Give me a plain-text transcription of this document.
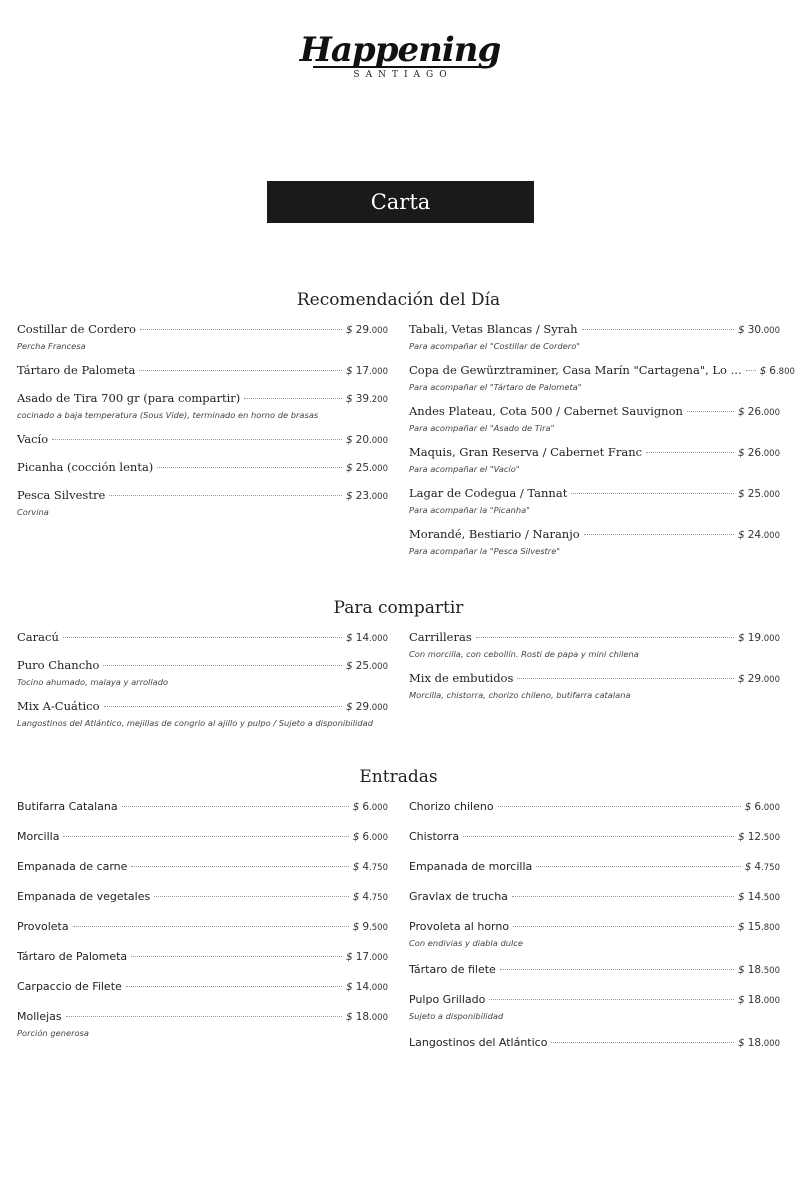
Happening
SANTIAGO
Carta
Recomendación del Día
Costillar de Cordero	$ 29.000
Percha Francesa
Tártaro de Palometa	$ 17.000
Asado de Tira 700 gr (para compartir)	$ 39.200
cocinado a baja temperatura (Sous Vide), terminado en horno de brasas
Vacío	$ 20.000
Picanha (cocción lenta)	$ 25.000
Pesca Silvestre	$ 23.000
Corvina
Tabali, Vetas Blancas / Syrah	$ 30.000
Para acompañar el "Costillar de Cordero"
Copa de Gewürztraminer, Casa Marín "Cartagena", Lo ... $ 6.800
Para acompañar el "Tártaro de Palometa"
Andes Plateau, Cota 500 / Cabernet Sauvignon	$ 26.000
Para acompañar el "Asado de Tira"
Maquis, Gran Reserva / Cabernet Franc	$ 26.000
Para acompañar el "Vacío"
Lagar de Codegua / Tannat	$ 25.000
Para acompañar la "Picanha"
Morandé, Bestiario / Naranjo	$ 24.000
Para acompañar la "Pesca Silvestre"
Para compartir
Caracú	$ 14.000
Puro Chancho	$ 25.000
Tocino ahumado, malaya y arrollado
Mix A-Cuático	$ 29.000
Langostinos del Atlántico, mejillas de congrio al ajillo y pulpo / Sujeto a disponibilidad
Carrilleras	$ 19.000
Con morcilla, con cebollín. Rosti de papa y mini chilena
Mix de embutidos	$ 29.000
Morcilla, chistorra, chorizo chileno, butifarra catalana
Entradas
Butifarra Catalana	$ 6.000
Morcilla	$ 6.000
Empanada de carne	$ 4.750
Empanada de vegetales	$ 4.750
Provoleta	$ 9.500
Tártaro de Palometa	$ 17.000
Carpaccio de Filete	$ 14.000
Mollejas	$ 18.000
Porción generosa
Chorizo chileno	$ 6.000
Chistorra	$ 12.500
Empanada de morcilla	$ 4.750
Gravlax de trucha	$ 14.500
Provoleta al horno	$ 15.800
Con endivias y diabla dulce
Tártaro de filete	$ 18.500
Pulpo Grillado	$ 18.000
Sujeto a disponibilidad
Langostinos del Atlántico	$ 18.000
